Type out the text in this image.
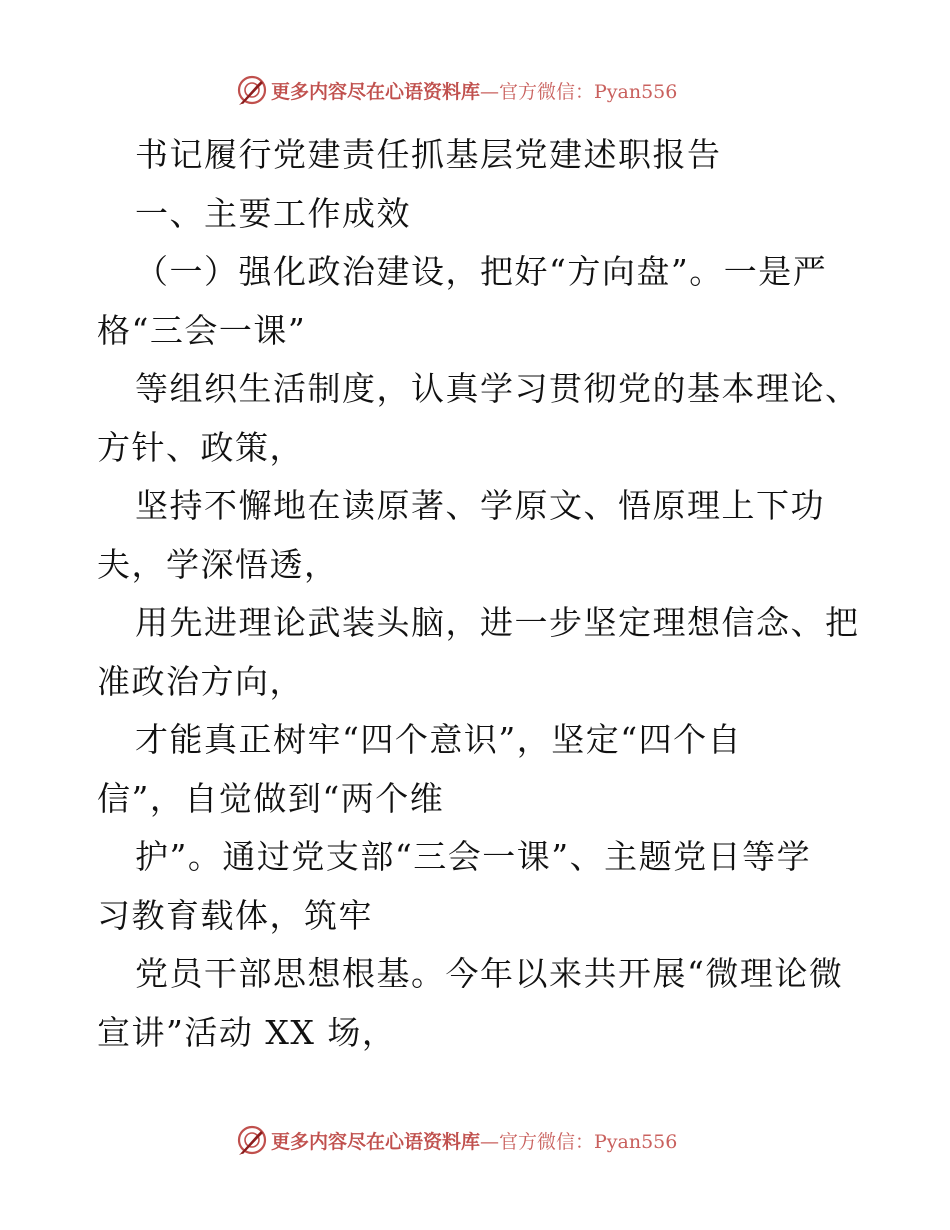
更多内容尽在心语资料库—官方微信：Pyan556
书记履行党建责任抓基层党建述职报告
一、主要工作成效
（一）强化政治建设，把好“方向盘”。一是严
格“三会一课”
等组织生活制度，认真学习贯彻党的基本理论、
方针、政策，
坚持不懈地在读原著、学原文、悟原理上下功
夫，学深悟透，
用先进理论武装头脑，进一步坚定理想信念、把
准政治方向，
才能真正树牢“四个意识”，坚定“四个自
信”，自觉做到“两个维
护”。通过党支部“三会一课”、主题党日等学
习教育载体，筑牢
党员干部思想根基。今年以来共开展“微理论微
宣讲”活动 XX 场，
更多内容尽在心语资料库—官方微信：Pyan556
